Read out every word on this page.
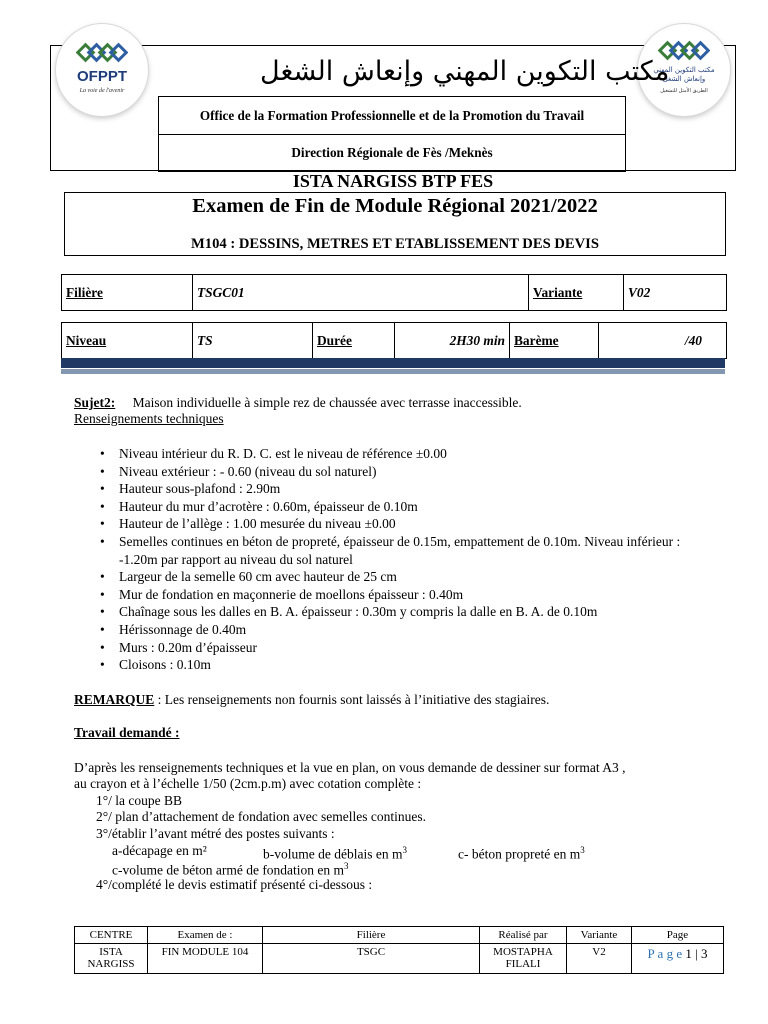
OFPPT
La voie de l'avenir
مكتب التكوين المهني وإنعاش الشغل
الطريق الأمثل للتشغيل
مكتب التكوين المهني وإنعاش الشغل
Office de la Formation Professionnelle et de la Promotion du Travail
Direction Régionale de Fès /Meknès
ISTA NARGISS BTP FES
Examen de Fin de Module Régional 2021/2022
M104 : DESSINS, METRES ET ETABLISSEMENT DES DEVIS
Filière	TSGC01	Variante	V02
Niveau	TS	Durée	2H30 min	Barème	/40
Sujet2: Maison individuelle à simple rez de chaussée avec terrasse inaccessible.
Renseignements techniques
• Niveau intérieur du R. D. C. est le niveau de référence ±0.00
• Niveau extérieur : - 0.60 (niveau du sol naturel)
• Hauteur sous-plafond : 2.90m
• Hauteur du mur d’acrotère : 0.60m, épaisseur de 0.10m
• Hauteur de l’allège : 1.00 mesurée du niveau ±0.00
• Semelles continues en béton de propreté, épaisseur de 0.15m, empattement de 0.10m. Niveau inférieur : -1.20m par rapport au niveau du sol naturel
• Largeur de la semelle 60 cm avec hauteur de 25 cm
• Mur de fondation en maçonnerie de moellons épaisseur : 0.40m
• Chaînage sous les dalles en B. A. épaisseur : 0.30m y compris la dalle en B. A. de 0.10m
• Hérissonnage de 0.40m
• Murs : 0.20m d’épaisseur
• Cloisons : 0.10m
REMARQUE : Les renseignements non fournis sont laissés à l’initiative des stagiaires.
Travail demandé :
D’après les renseignements techniques et la vue en plan, on vous demande de dessiner sur format A3 ,
au crayon et à l’échelle 1/50 (2cm.p.m) avec cotation complète :
1°/ la coupe BB
2°/ plan d’attachement de fondation avec semelles continues.
3°/établir l’avant métré des postes suivants :
a-décapage en m²	b-volume de déblais en $m^3$	c- béton propreté en $m^3$
c-volume de béton armé de fondation en $m^3$
4°/complété le devis estimatif présenté ci-dessous :
CENTRE	Examen de :	Filière	Réalisé par	Variante	Page
ISTA NARGISS	FIN MODULE 104	TSGC	MOSTAPHA FILALI	V2	P a g e 1 | 3
